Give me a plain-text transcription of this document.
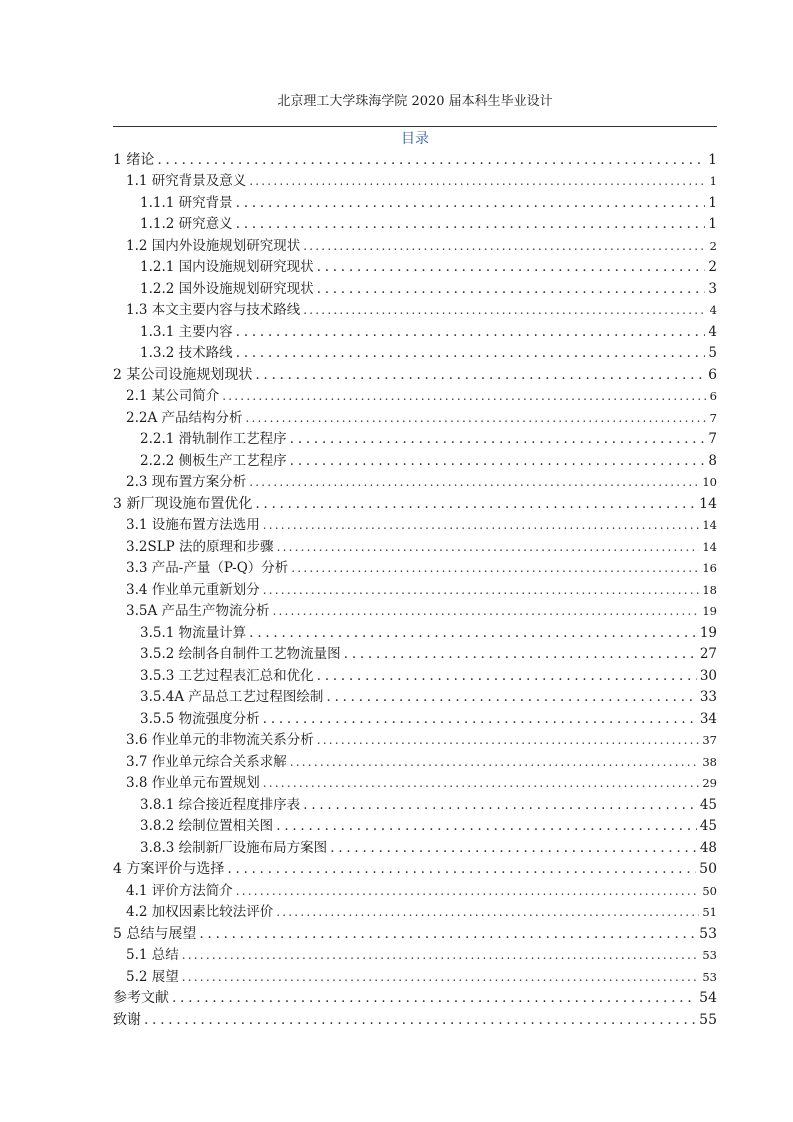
北京理工大学珠海学院 2020 届本科生毕业设计
目录
1 绪论 .....	1
1.1 研究背景及意义 .....	1
1.1.1 研究背景 .....	1
1.1.2 研究意义 .....	1
1.2 国内外设施规划研究现状 .....	2
1.2.1 国内设施规划研究现状 .....	2
1.2.2 国外设施规划研究现状 .....	3
1.3 本文主要内容与技术路线 .....	4
1.3.1 主要内容 .....	4
1.3.2 技术路线 .....	5
2 某公司设施规划现状 .....	6
2.1 某公司简介 .....	6
2.2A 产品结构分析 .....	7
2.2.1 滑轨制作工艺程序 .....	7
2.2.2 侧板生产工艺程序 .....	8
2.3 现布置方案分析 .....	10
3 新厂现设施布置优化 .....	14
3.1 设施布置方法选用 .....	14
3.2SLP 法的原理和步骤 .....	14
3.3 产品-产量（P-Q）分析 .....	16
3.4 作业单元重新划分 .....	18
3.5A 产品生产物流分析 .....	19
3.5.1 物流量计算 .....	19
3.5.2 绘制各自制件工艺物流量图 .....	27
3.5.3 工艺过程表汇总和优化 .....	30
3.5.4A 产品总工艺过程图绘制 .....	33
3.5.5 物流强度分析 .....	34
3.6 作业单元的非物流关系分析 .....	37
3.7 作业单元综合关系求解 .....	38
3.8 作业单元布置规划 .....	29
3.8.1 综合接近程度排序表 .....	45
3.8.2 绘制位置相关图 .....	45
3.8.3 绘制新厂设施布局方案图 .....	48
4 方案评价与选择 .....	50
4.1 评价方法简介 .....	50
4.2 加权因素比较法评价 .....	51
5 总结与展望 .....	53
5.1 总结 .....	53
5.2 展望 .....	53
参考文献 .....	54
致谢 .....	55
